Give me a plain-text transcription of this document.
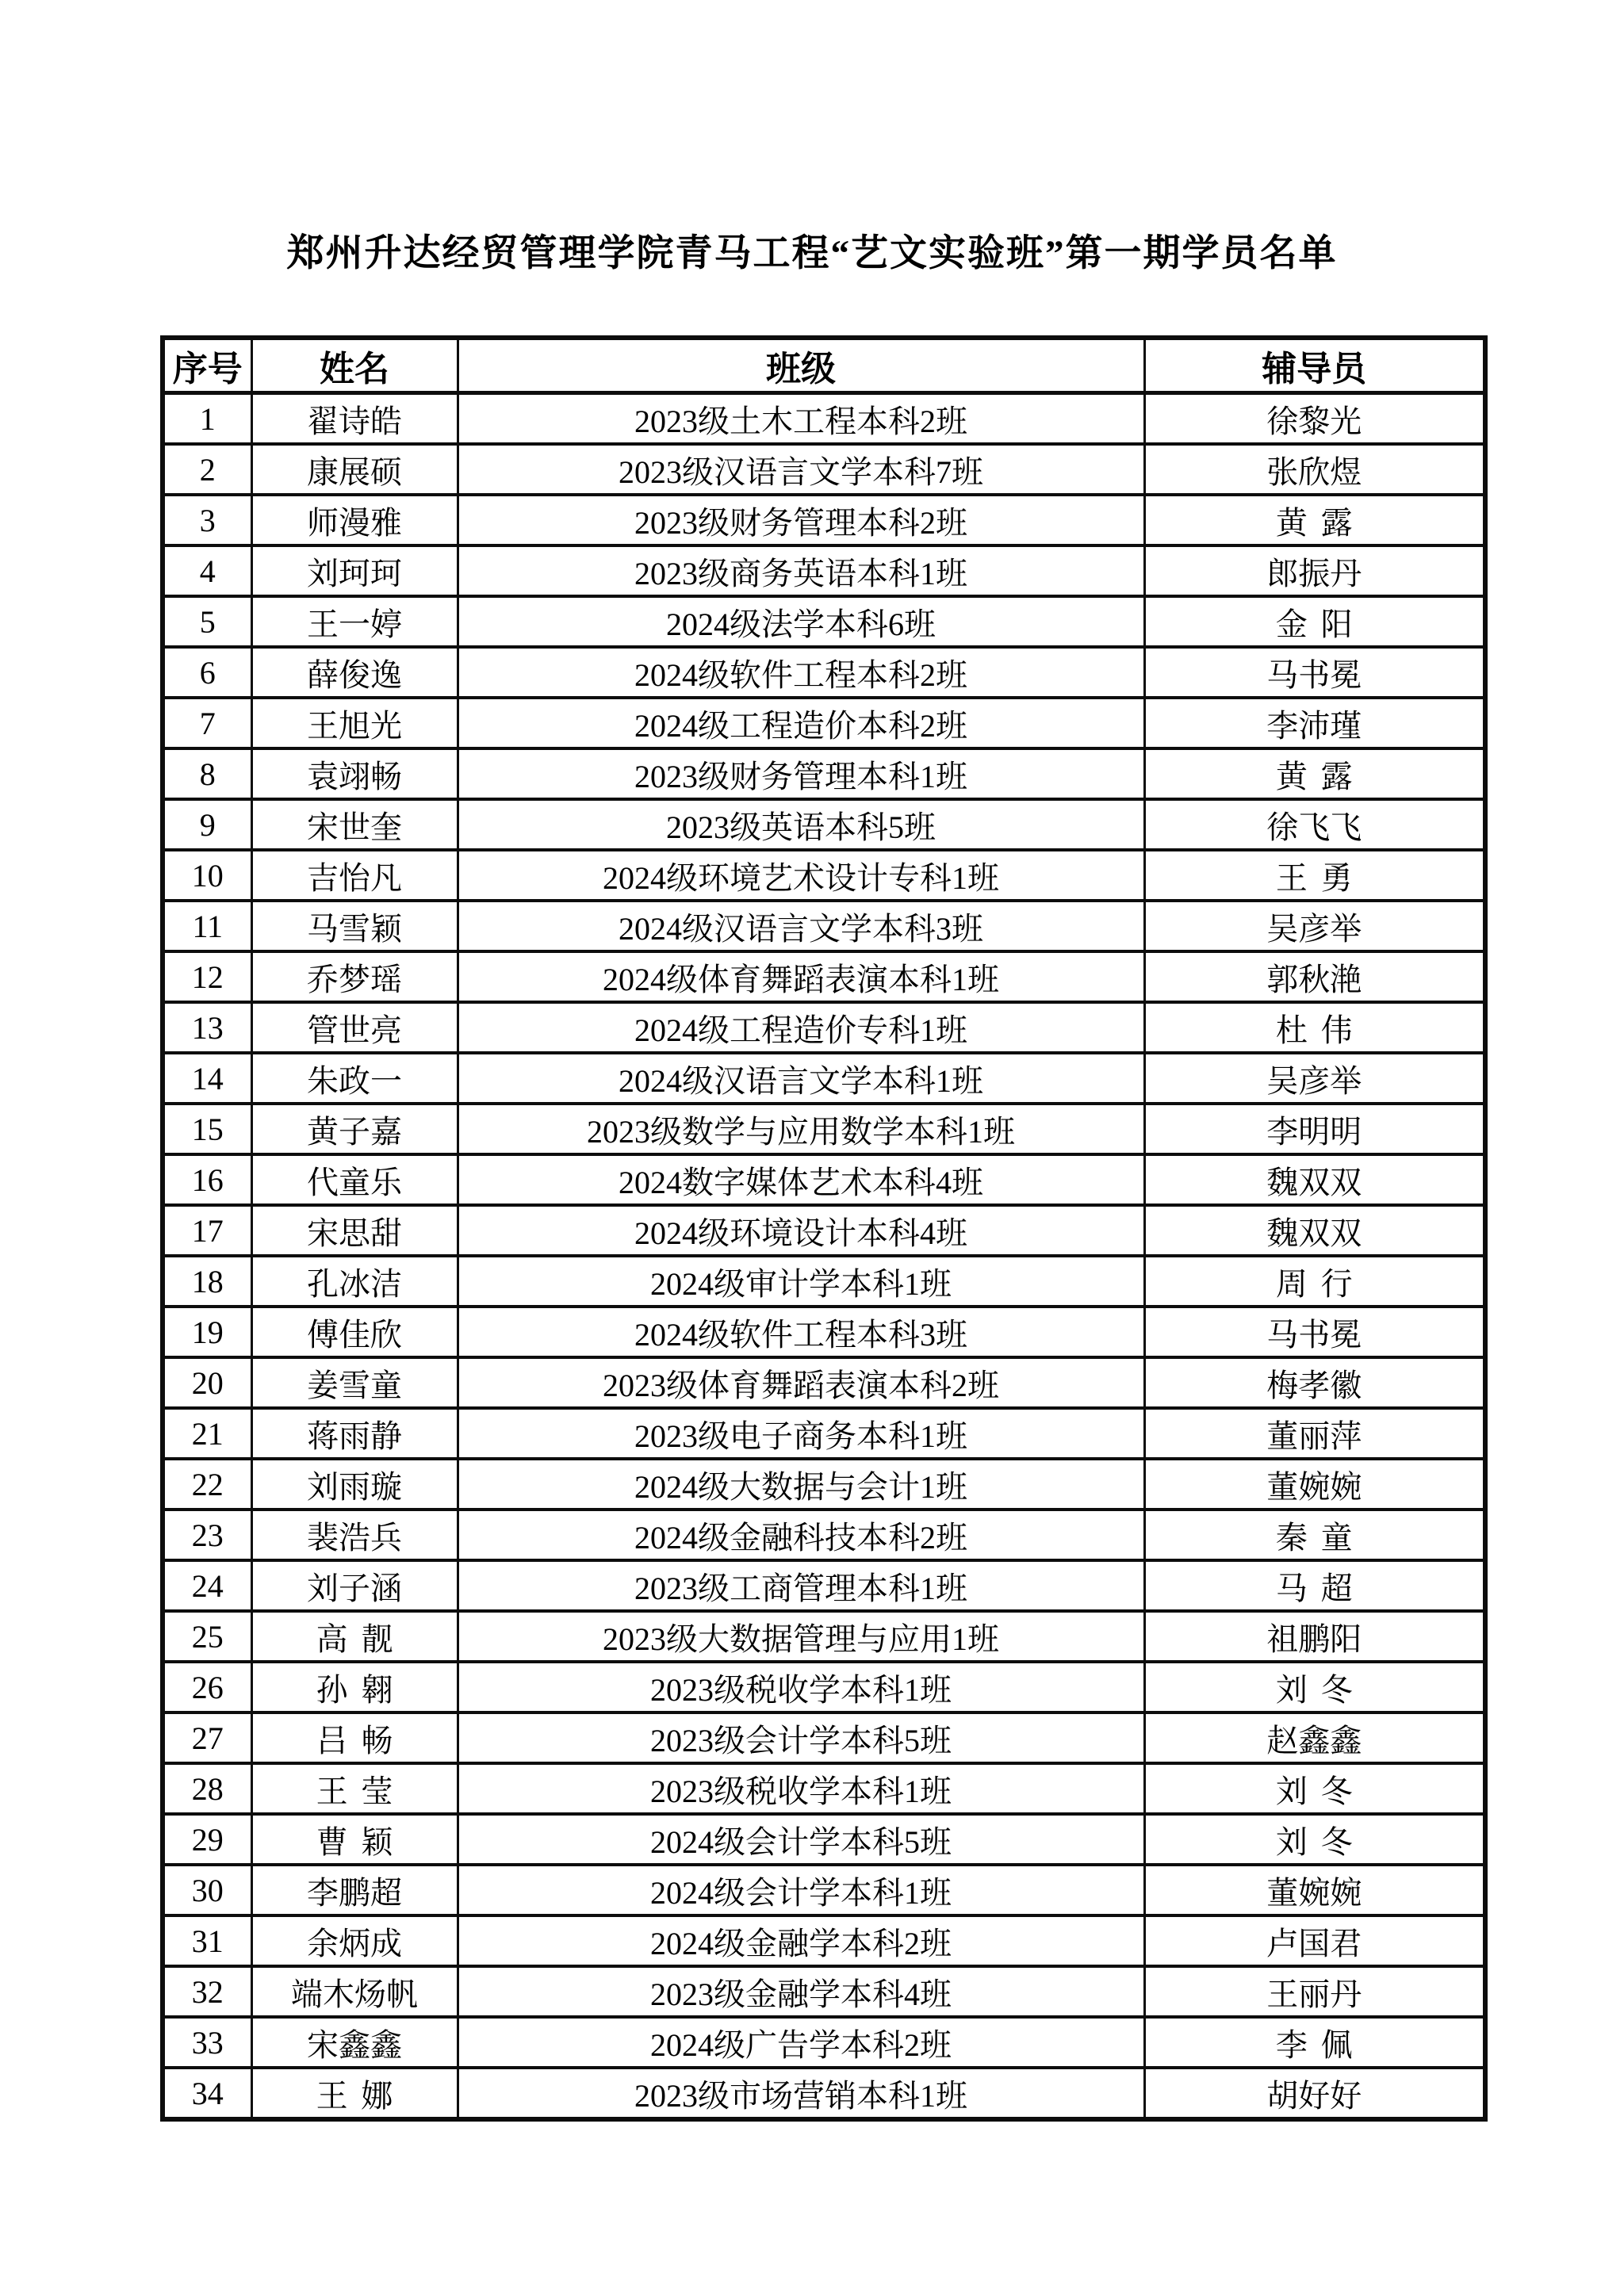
郑州升达经贸管理学院青马工程“艺文实验班”第一期学员名单
序号	姓名	班级	辅导员
1	翟诗皓	2023级土木工程本科2班	徐黎光
2	康展硕	2023级汉语言文学本科7班	张欣煜
3	师漫雅	2023级财务管理本科2班	黄露
4	刘珂珂	2023级商务英语本科1班	郎振丹
5	王一婷	2024级法学本科6班	金阳
6	薛俊逸	2024级软件工程本科2班	马书冕
7	王旭光	2024级工程造价本科2班	李沛瑾
8	袁翊畅	2023级财务管理本科1班	黄露
9	宋世奎	2023级英语本科5班	徐飞飞
10	吉怡凡	2024级环境艺术设计专科1班	王勇
11	马雪颖	2024级汉语言文学本科3班	吴彦举
12	乔梦瑶	2024级体育舞蹈表演本科1班	郭秋滟
13	管世亮	2024级工程造价专科1班	杜伟
14	朱政一	2024级汉语言文学本科1班	吴彦举
15	黄子嘉	2023级数学与应用数学本科1班	李明明
16	代童乐	2024数字媒体艺术本科4班	魏双双
17	宋思甜	2024级环境设计本科4班	魏双双
18	孔冰洁	2024级审计学本科1班	周行
19	傅佳欣	2024级软件工程本科3班	马书冕
20	姜雪童	2023级体育舞蹈表演本科2班	梅孝徽
21	蒋雨静	2023级电子商务本科1班	董丽萍
22	刘雨璇	2024级大数据与会计1班	董婉婉
23	裴浩兵	2024级金融科技本科2班	秦童
24	刘子涵	2023级工商管理本科1班	马超
25	高靓	2023级大数据管理与应用1班	祖鹏阳
26	孙翱	2023级税收学本科1班	刘冬
27	吕畅	2023级会计学本科5班	赵鑫鑫
28	王莹	2023级税收学本科1班	刘冬
29	曹颖	2024级会计学本科5班	刘冬
30	李鹏超	2024级会计学本科1班	董婉婉
31	余炳成	2024级金融学本科2班	卢国君
32	端木炀帆	2023级金融学本科4班	王丽丹
33	宋鑫鑫	2024级广告学本科2班	李佩
34	王娜	2023级市场营销本科1班	胡好好
